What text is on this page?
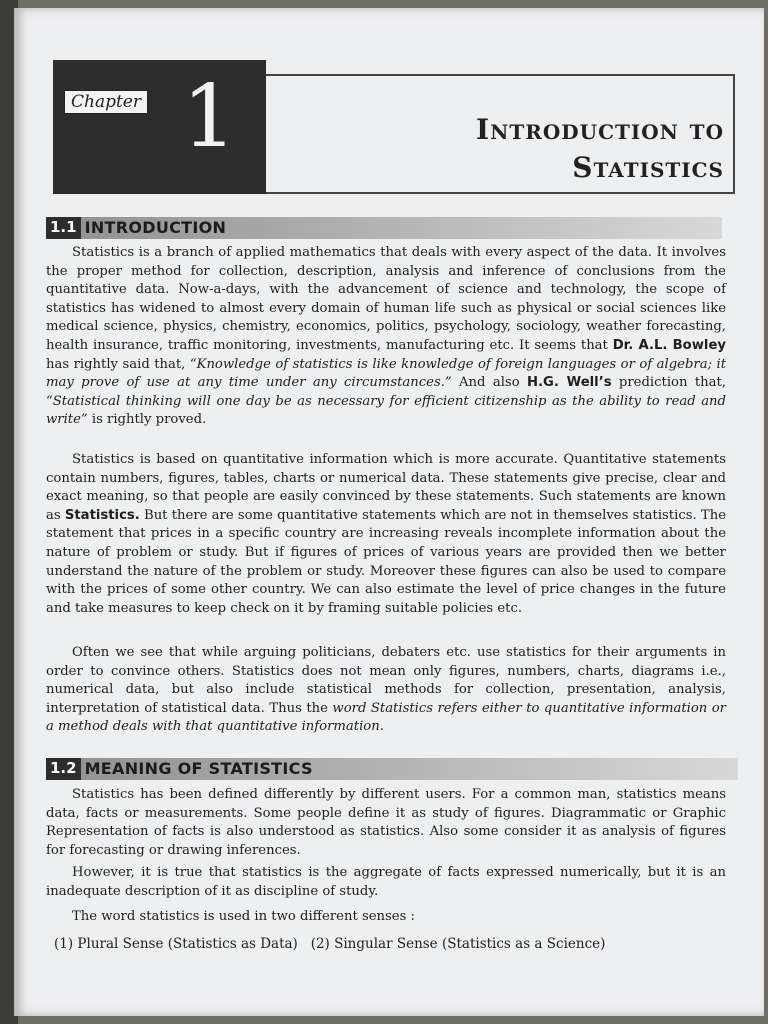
Chapter 1	Introduction to
Statistics
1.1 INTRODUCTION

Statistics is a branch of applied mathematics that deals with every aspect of the data. It involves the proper method for collection, description, analysis and inference of conclusions from the quantitative data. Now-a-days, with the advancement of science and technology, the scope of statistics has widened to almost every domain of human life such as physical or social sciences like medical science, physics, chemistry, economics, politics, psychology, sociology, weather forecasting, health insurance, traffic monitoring, investments, manufacturing etc. It seems that Dr. A.L. Bowley has rightly said that, “Knowledge of statistics is like knowledge of foreign languages or of algebra; it may prove of use at any time under any circumstances.” And also H.G. Well’s prediction that, “Statistical thinking will one day be as necessary for efficient citizenship as the ability to read and write” is rightly proved.

Statistics is based on quantitative information which is more accurate. Quantitative statements contain numbers, figures, tables, charts or numerical data. These statements give precise, clear and exact meaning, so that people are easily convinced by these statements. Such statements are known as Statistics. But there are some quantitative statements which are not in themselves statistics. The statement that prices in a specific country are increasing reveals incomplete information about the nature of problem or study. But if figures of prices of various years are provided then we better understand the nature of the problem or study. Moreover these figures can also be used to compare with the prices of some other country. We can also estimate the level of price changes in the future and take measures to keep check on it by framing suitable policies etc.

Often we see that while arguing politicians, debaters etc. use statistics for their arguments in order to convince others. Statistics does not mean only figures, numbers, charts, diagrams i.e., numerical data, but also include statistical methods for collection, presentation, analysis, interpretation of statistical data. Thus the word Statistics refers either to quantitative information or a method deals with that quantitative information.

1.2 MEANING OF STATISTICS

Statistics has been defined differently by different users. For a common man, statistics means data, facts or measurements. Some people define it as study of figures. Diagrammatic or Graphic Representation of facts is also understood as statistics. Also some consider it as analysis of figures for forecasting or drawing inferences.

However, it is true that statistics is the aggregate of facts expressed numerically, but it is an inadequate description of it as discipline of study.

The word statistics is used in two different senses :

(1) Plural Sense (Statistics as Data) (2) Singular Sense (Statistics as a Science)
